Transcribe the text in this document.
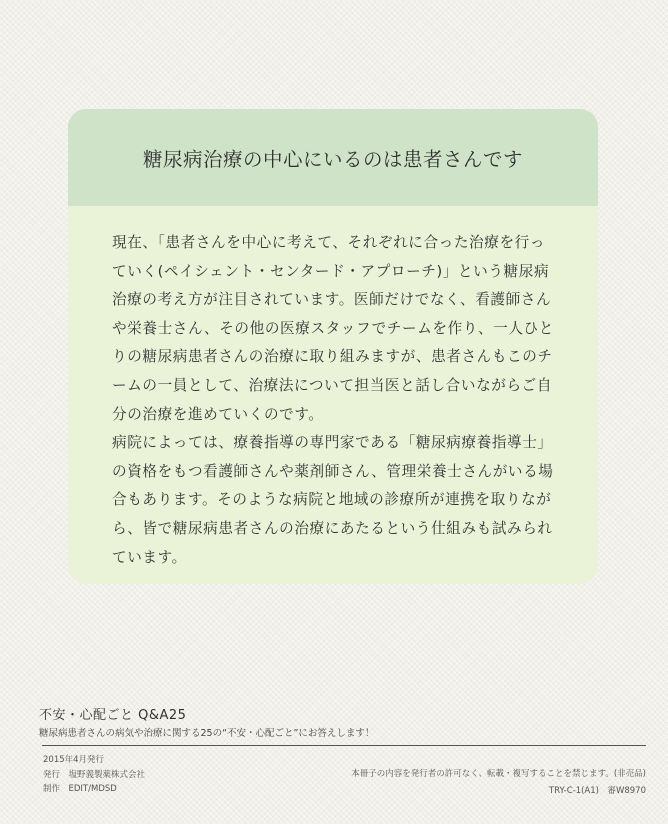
糖尿病治療の中心にいるのは患者さんです

現在、「患者さんを中心に考えて、それぞれに合った治療を行っていく(ペイシェント・センタード・アプローチ)」という糖尿病治療の考え方が注目されています。医師だけでなく、看護師さんや栄養士さん、その他の医療スタッフでチームを作り、一人ひとりの糖尿病患者さんの治療に取り組みますが、患者さんもこのチームの一員として、治療法について担当医と話し合いながらご自分の治療を進めていくのです。

病院によっては、療養指導の専門家である「糖尿病療養指導士」の資格をもつ看護師さんや薬剤師さん、管理栄養士さんがいる場合もあります。そのような病院と地域の診療所が連携を取りながら、皆で糖尿病患者さんの治療にあたるという仕組みも試みられています。

不安・心配ごと Q&A25
糖尿病患者さんの病気や治療に関する25の“不安・心配ごと”にお答えします！
2015年4月発行
発行　塩野義製薬株式会社
制作　EDIT/MDSD
本冊子の内容を発行者の許可なく、転載・複写することを禁じます。(非売品)
TRY-C-1(A1)　審W8970
